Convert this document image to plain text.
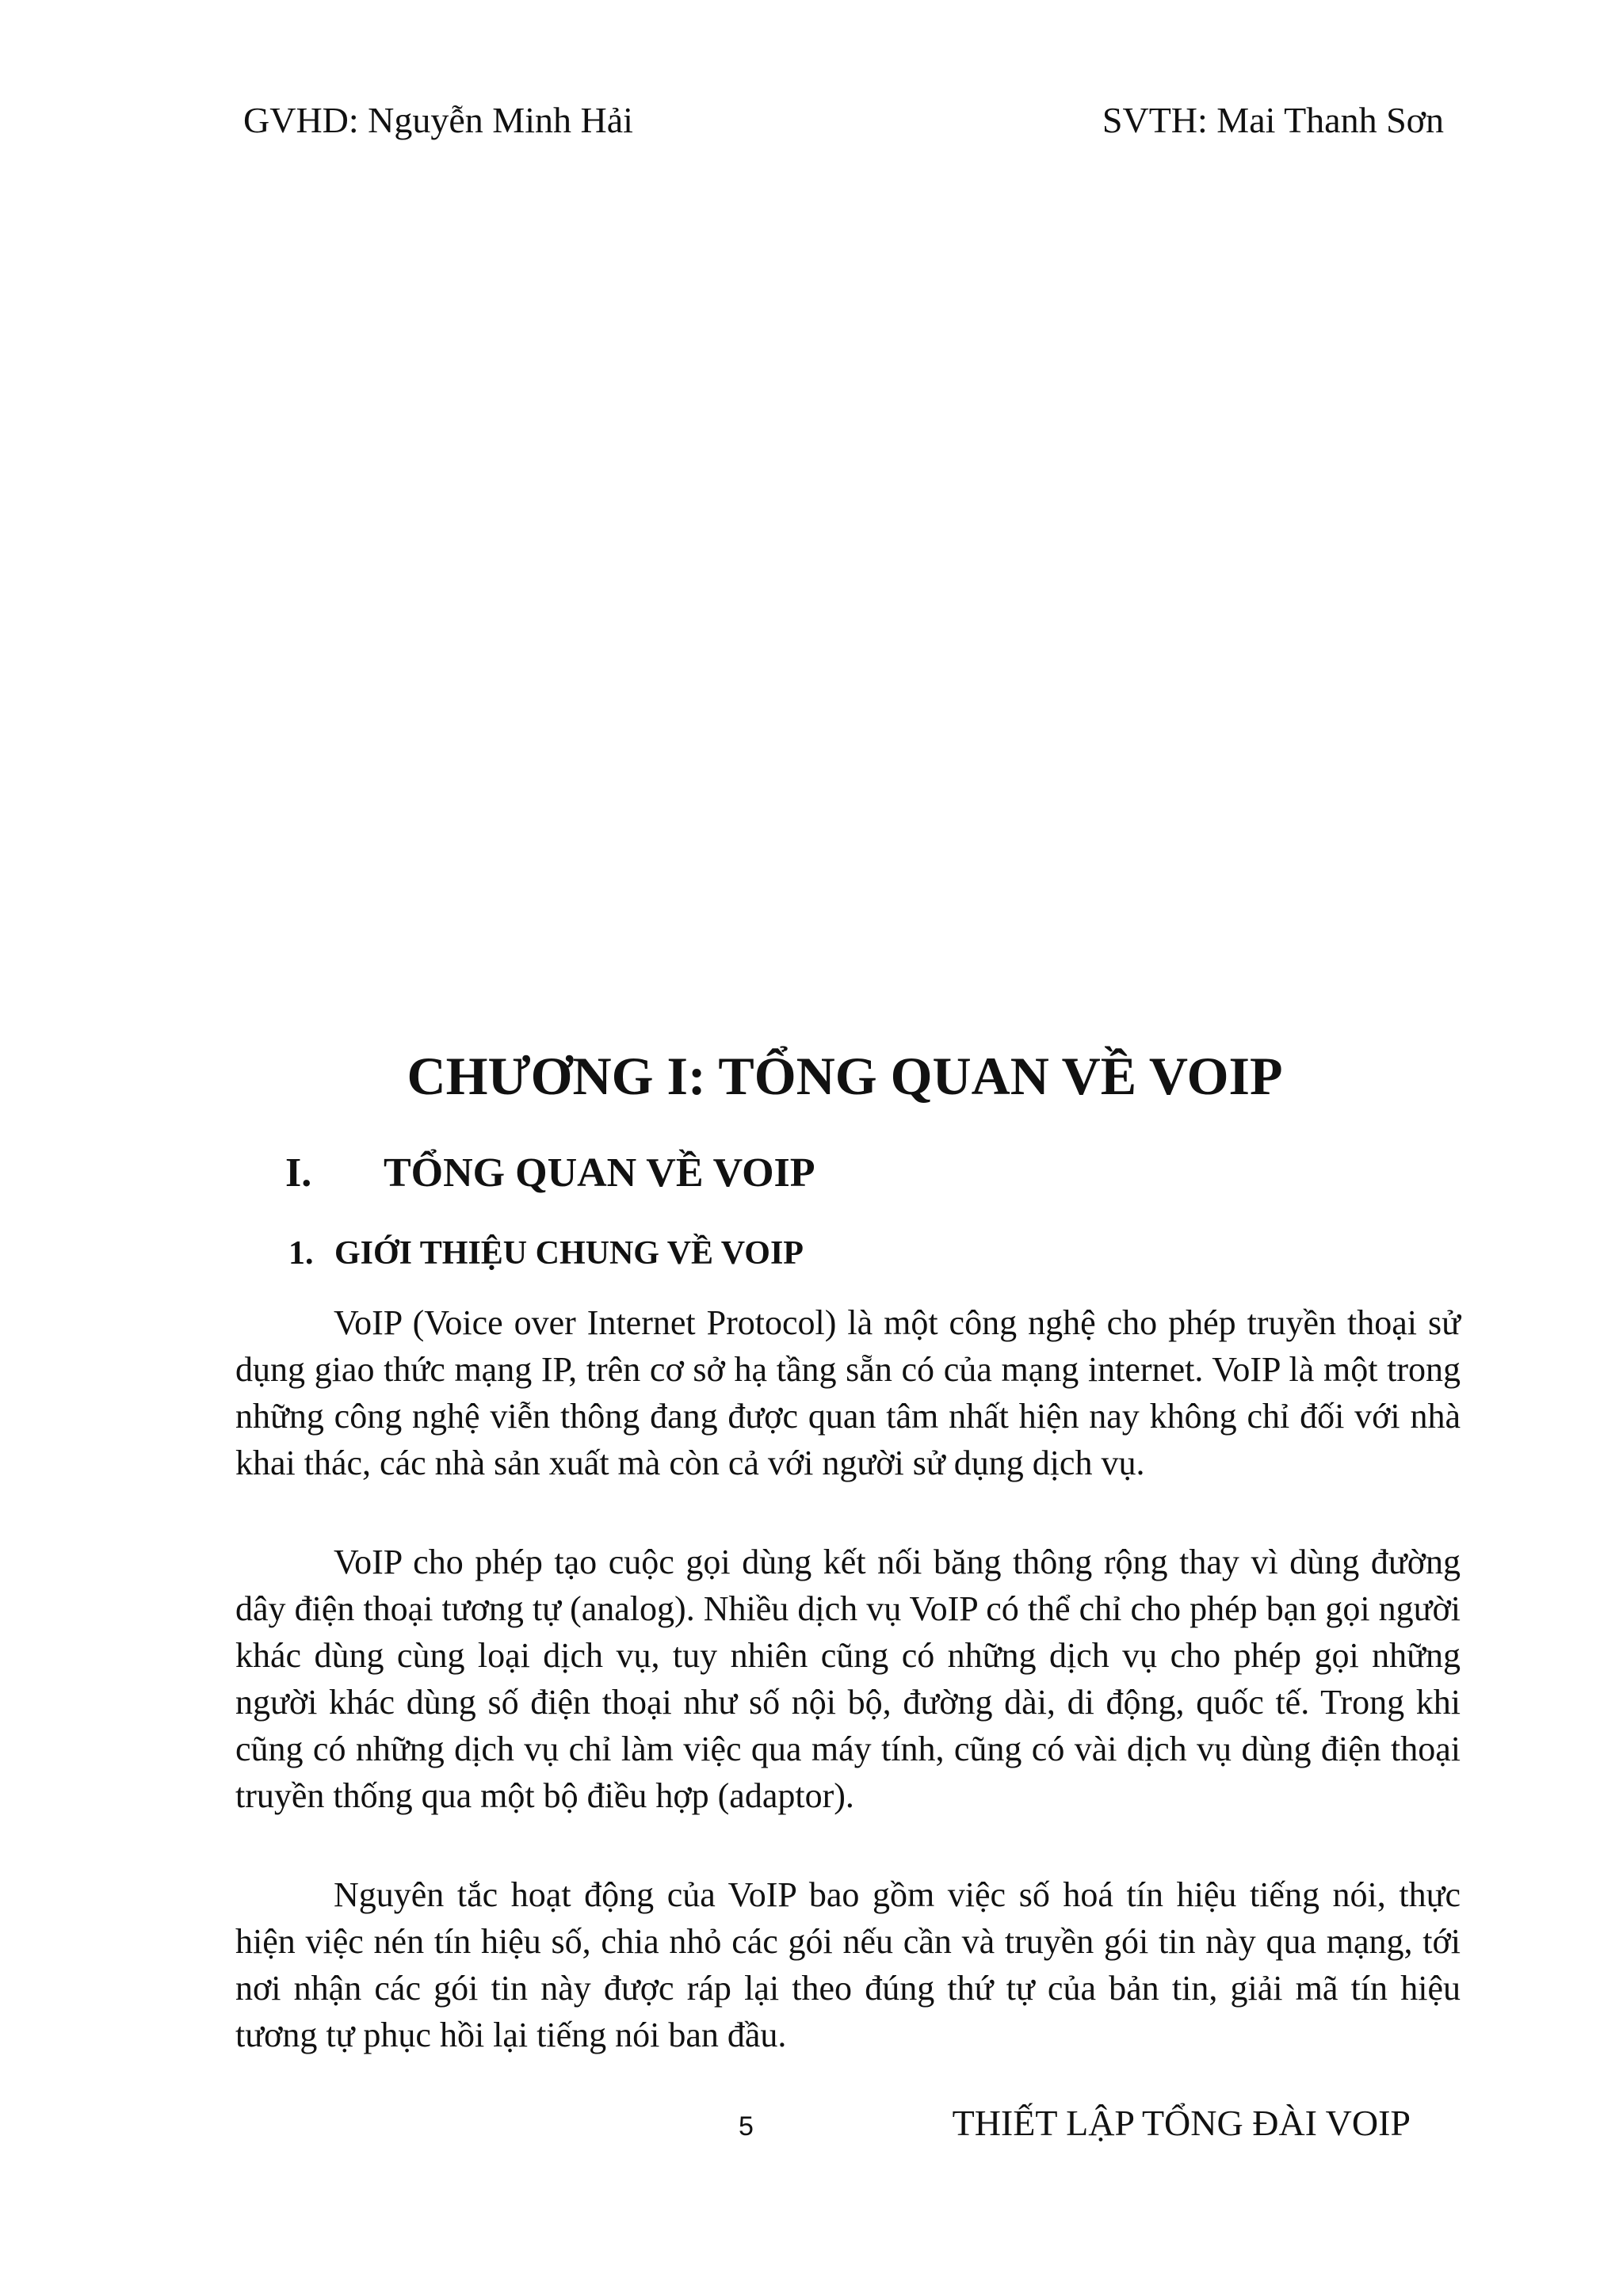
GVHD: Nguyễn Minh Hải	SVTH: Mai Thanh Sơn
CHƯƠNG I: TỔNG QUAN VỀ VOIP
I. TỔNG QUAN VỀ VOIP
1. GIỚI THIỆU CHUNG VỀ VOIP

VoIP (Voice over Internet Protocol) là một công nghệ cho phép truyền thoại sử dụng giao thức mạng IP, trên cơ sở hạ tầng sẵn có của mạng internet. VoIP là một trong những công nghệ viễn thông đang được quan tâm nhất hiện nay không chỉ đối với nhà khai thác, các nhà sản xuất mà còn cả với người sử dụng dịch vụ.

VoIP cho phép tạo cuộc gọi dùng kết nối băng thông rộng thay vì dùng đường dây điện thoại tương tự (analog). Nhiều dịch vụ VoIP có thể chỉ cho phép bạn gọi người khác dùng cùng loại dịch vụ, tuy nhiên cũng có những dịch vụ cho phép gọi những người khác dùng số điện thoại như số nội bộ, đường dài, di động, quốc tế. Trong khi cũng có những dịch vụ chỉ làm việc qua máy tính, cũng có vài dịch vụ dùng điện thoại truyền thống qua một bộ điều hợp (adaptor).

Nguyên tắc hoạt động của VoIP bao gồm việc số hoá tín hiệu tiếng nói, thực hiện việc nén tín hiệu số, chia nhỏ các gói nếu cần và truyền gói tin này qua mạng, tới nơi nhận các gói tin này được ráp lại theo đúng thứ tự của bản tin, giải mã tín hiệu tương tự phục hồi lại tiếng nói ban đầu.

5	THIẾT LẬP TỔNG ĐÀI VOIP
